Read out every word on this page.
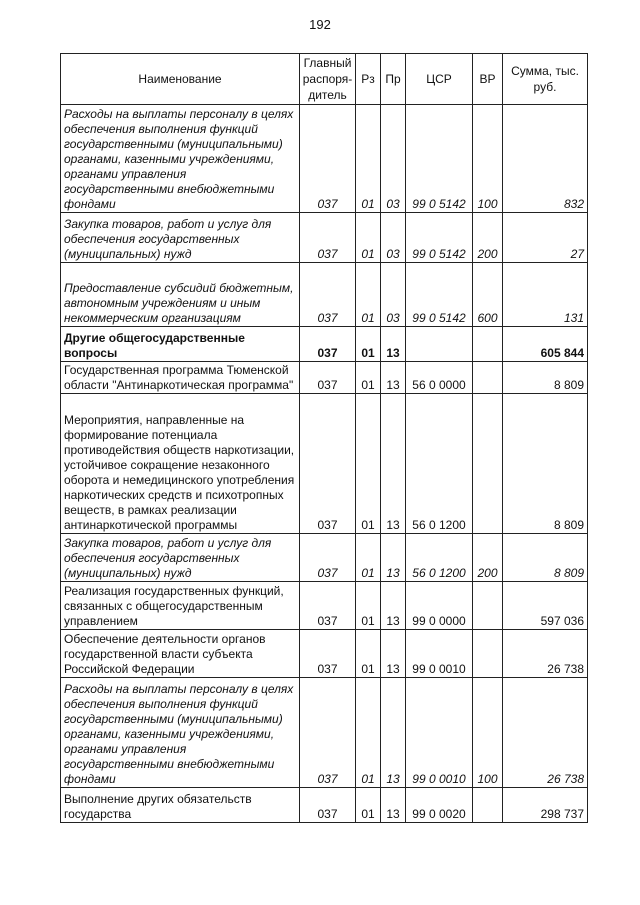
192
Наименование	Главный распоря-дитель	Рз	Пр	ЦСР	ВР	Сумма, тыс. руб.
Расходы на выплаты персоналу в целях обеспечения выполнения функций государственными (муниципальными) органами, казенными учреждениями, органами управления государственными внебюджетными фондами	037	01	03	99 0 5142	100	832
Закупка товаров, работ и услуг для обеспечения государственных (муниципальных) нужд	037	01	03	99 0 5142	200	27
Предоставление субсидий бюджетным, автономным учреждениям и иным некоммерческим организациям	037	01	03	99 0 5142	600	131
Другие общегосударственные вопросы	037	01	13			605 844
Государственная программа Тюменской области "Антинаркотическая программа"	037	01	13	56 0 0000		8 809
Мероприятия, направленные на формирование потенциала противодействия обществ наркотизации, устойчивое сокращение незаконного оборота и немедицинского употребления наркотических средств и психотропных веществ, в рамках реализации антинаркотической программы	037	01	13	56 0 1200		8 809
Закупка товаров, работ и услуг для обеспечения государственных (муниципальных) нужд	037	01	13	56 0 1200	200	8 809
Реализация государственных функций, связанных с общегосударственным управлением	037	01	13	99 0 0000		597 036
Обеспечение деятельности органов государственной власти субъекта Российской Федерации	037	01	13	99 0 0010		26 738
Расходы на выплаты персоналу в целях обеспечения выполнения функций государственными (муниципальными) органами, казенными учреждениями, органами управления государственными внебюджетными фондами	037	01	13	99 0 0010	100	26 738
Выполнение других обязательств государства	037	01	13	99 0 0020		298 737
